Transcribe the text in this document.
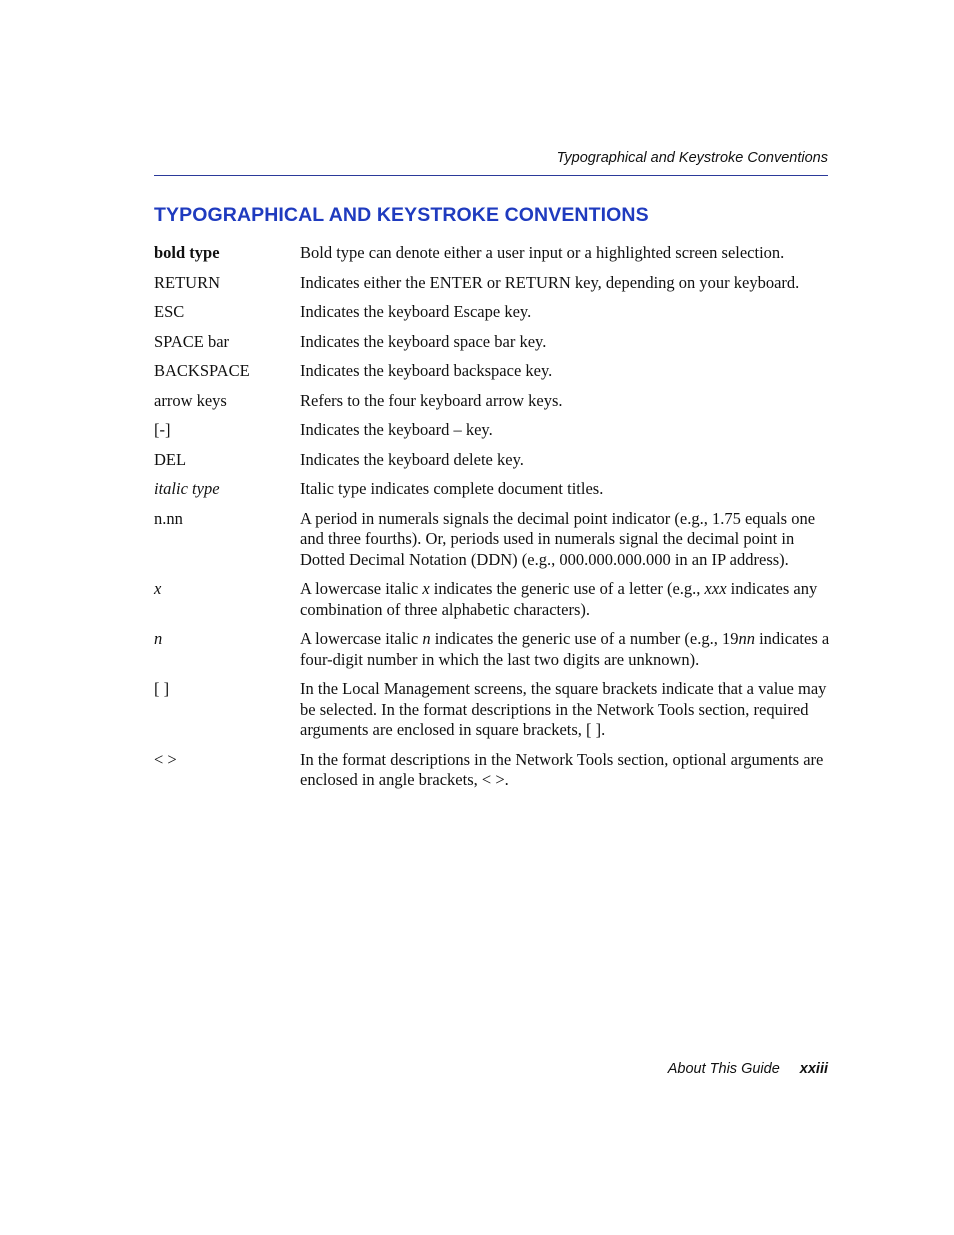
Typographical and Keystroke Conventions
TYPOGRAPHICAL AND KEYSTROKE CONVENTIONS
bold type	Bold type can denote either a user input or a highlighted screen selection.
RETURN	Indicates either the ENTER or RETURN key, depending on your keyboard.
ESC	Indicates the keyboard Escape key.
SPACE bar	Indicates the keyboard space bar key.
BACKSPACE	Indicates the keyboard backspace key.
arrow keys	Refers to the four keyboard arrow keys.
[-]	Indicates the keyboard – key.
DEL	Indicates the keyboard delete key.
italic type	Italic type indicates complete document titles.
n.nn	A period in numerals signals the decimal point indicator (e.g., 1.75 equals one and three fourths). Or, periods used in numerals signal the decimal point in Dotted Decimal Notation (DDN) (e.g., 000.000.000.000 in an IP address).
x	A lowercase italic x indicates the generic use of a letter (e.g., xxx indicates any combination of three alphabetic characters).
n	A lowercase italic n indicates the generic use of a number (e.g., 19nn indicates a four-digit number in which the last two digits are unknown).
[ ]	In the Local Management screens, the square brackets indicate that a value may be selected. In the format descriptions in the Network Tools section, required arguments are enclosed in square brackets, [ ].
< >	In the format descriptions in the Network Tools section, optional arguments are enclosed in angle brackets, < >.
About This Guide xxiii
